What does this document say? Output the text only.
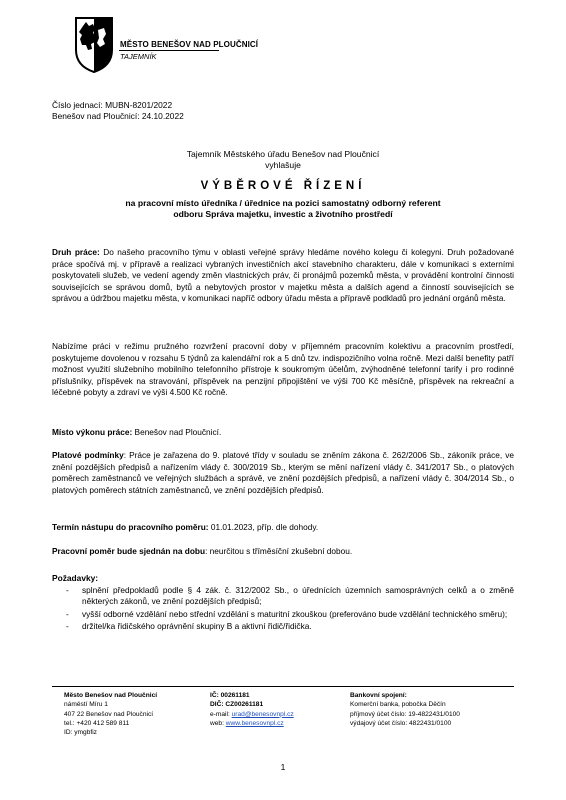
MĚSTO BENEŠOV NAD PLOUČNICÍ
TAJEMNÍK
Číslo jednací: MUBN-8201/2022
Benešov nad Ploučnicí: 24.10.2022
Tajemník Městského úřadu Benešov nad Ploučnicí
vyhlašuje
VÝBĚROVÉ ŘÍZENÍ
na pracovní místo úředníka / úřednice na pozici samostatný odborný referent
odboru Správa majetku, investic a životního prostředí
Druh práce: Do našeho pracovního týmu v oblasti veřejné správy hledáme nového kolegu či kolegyni. Druh požadované práce spočívá mj. v přípravě a realizaci vybraných investičních akcí stavebního charakteru, dále v komunikaci s externími poskytovateli služeb, ve vedení agendy změn vlastnických práv, či pronájmů pozemků města, v provádění kontrolní činnosti souvisejících se správou domů, bytů a nebytových prostor v majetku města a dalších agend a činností souvisejících se správou a údržbou majetku města, v komunikaci napříč odbory úřadu města a přípravě podkladů pro jednání orgánů města.
Nabízíme práci v režimu pružného rozvržení pracovní doby v příjemném pracovním kolektivu a pracovním prostředí, poskytujeme dovolenou v rozsahu 5 týdnů za kalendářní rok a 5 dnů tzv. indispozičního volna ročně. Mezi další benefity patří možnost využití služebního mobilního telefonního přístroje k soukromým účelům, zvýhodněné telefonní tarify i pro rodinné příslušníky, příspěvek na stravování, příspěvek na penzijní připojištění ve výši 700 Kč měsíčně, příspěvek na rekreační a léčebné pobyty a zdraví ve výši 4.500 Kč ročně.
Místo výkonu práce: Benešov nad Ploučnicí.
Platové podmínky: Práce je zařazena do 9. platové třídy v souladu se zněním zákona č. 262/2006 Sb., zákoník práce, ve znění pozdějších předpisů a nařízením vlády č. 300/2019 Sb., kterým se mění nařízení vlády č. 341/2017 Sb., o platových poměrech zaměstnanců ve veřejných službách a správě, ve znění pozdějších předpisů, a nařízení vlády č. 304/2014 Sb., o platových poměrech státních zaměstnanců, ve znění pozdějších předpisů.
Termín nástupu do pracovního poměru: 01.01.2023, příp. dle dohody.
Pracovní poměr bude sjednán na dobu: neurčitou s tříměsíční zkušební dobou.
Požadavky:
- splnění předpokladů podle § 4 zák. č. 312/2002 Sb., o úřednících územních samosprávných celků a o změně některých zákonů, ve znění pozdějších předpisů;
- vyšší odborné vzdělání nebo střední vzdělání s maturitní zkouškou (preferováno bude vzdělání technického směru);
- držitel/ka řidičského oprávnění skupiny B a aktivní řidič/řidička.
Město Benešov nad Ploučnicí
náměstí Míru 1
407 22 Benešov nad Ploučnicí
tel.: +420 412 589 811
ID: ymgbfiz
IČ: 00261181
DIČ: CZ00261181
e-mail: urad@benesovnpl.cz
web: www.benesovnpl.cz
Bankovní spojení:
Komerční banka, pobočka Děčín
příjmový účet číslo: 19-4822431/0100
výdajový účet číslo: 4822431/0100
1
